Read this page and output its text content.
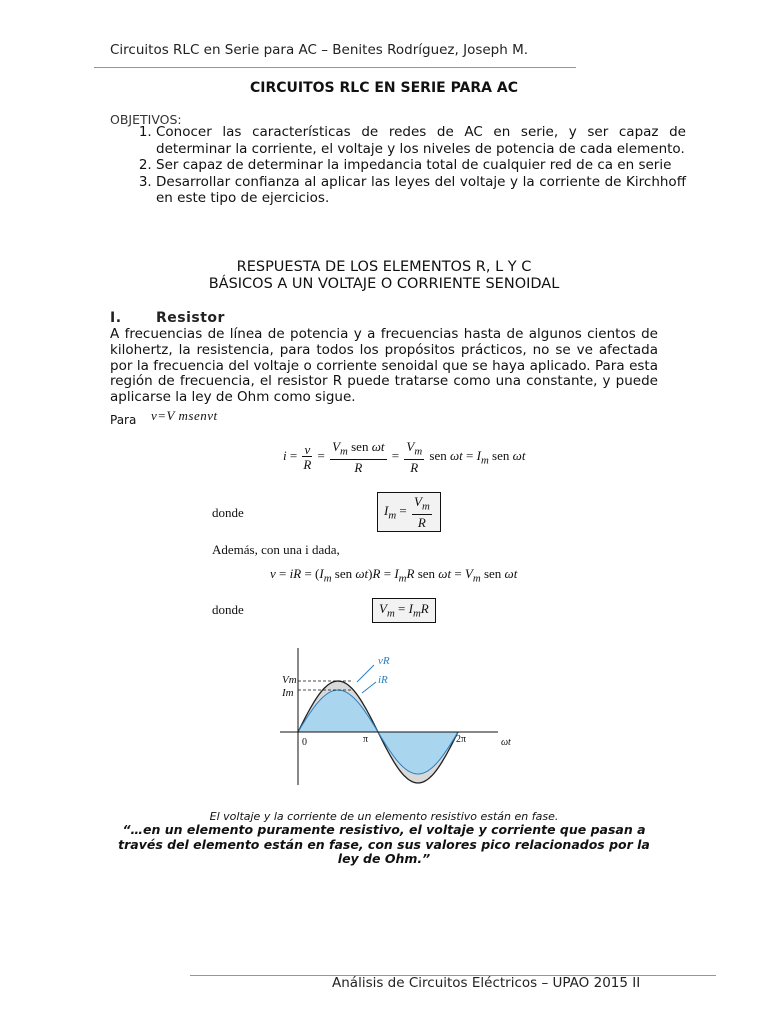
Circuitos RLC en Serie para AC – Benites Rodríguez, Joseph M.
CIRCUITOS RLC EN SERIE PARA AC
OBJETIVOS:
1. Conocer las características de redes de AC en serie, y ser capaz de determinar la corriente, el voltaje y los niveles de potencia de cada elemento.
2. Ser capaz de determinar la impedancia total de cualquier red de ca en serie
3. Desarrollar confianza al aplicar las leyes del voltaje y la corriente de Kirchhoff en este tipo de ejercicios.
RESPUESTA DE LOS ELEMENTOS R, L Y C
BÁSICOS A UN VOLTAJE O CORRIENTE SENOIDAL
I. Resistor
A frecuencias de línea de potencia y a frecuencias hasta de algunos cientos de kilohertz, la resistencia, para todos los propósitos prácticos, no se ve afectada por la frecuencia del voltaje o corriente senoidal que se haya aplicado. Para esta región de frecuencia, el resistor R puede tratarse como una constante, y puede aplicarse la ley de Ohm como sigue.
Para v=V msenvt
$i = \frac{v}{R} = \frac{V_m sen \omega t}{R} = \frac{V_m}{R}$ sen $\omega t = I_m$ sen ωt
donde	$I_m = \frac{V_m}{R}$
Además, con una i dada,
v = iR = ($I_m$ sen $\omega t)R = I_mR$ sen $\omega t = V_m$ sen ωt
donde	$V_m = I_mR$
vR
iR
Vm
Im
0	π	2π	ωt
El voltaje y la corriente de un elemento resistivo están en fase.
“…en un elemento puramente resistivo, el voltaje y corriente que pasan a través del elemento están en fase, con sus valores pico relacionados por la ley de Ohm.”
Análisis de Circuitos Eléctricos – UPAO 2015 II
